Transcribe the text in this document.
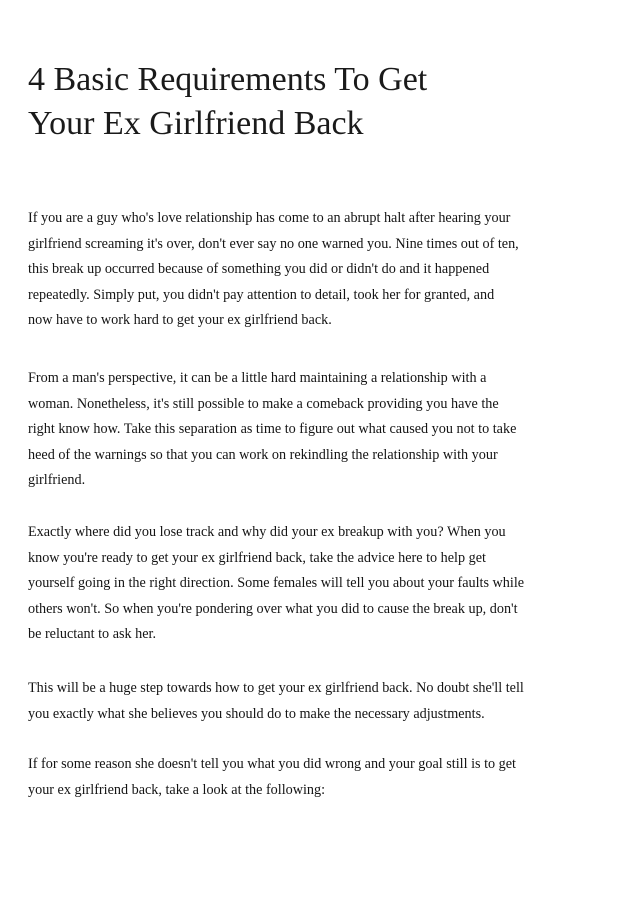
4 Basic Requirements To Get
Your Ex Girlfriend Back
If you are a guy who's love relationship has come to an abrupt halt after hearing your
girlfriend screaming it's over, don't ever say no one warned you. Nine times out of ten,
this break up occurred because of something you did or didn't do and it happened
repeatedly. Simply put, you didn't pay attention to detail, took her for granted, and
now have to work hard to get your ex girlfriend back.
From a man's perspective, it can be a little hard maintaining a relationship with a
woman. Nonetheless, it's still possible to make a comeback providing you have the
right know how. Take this separation as time to figure out what caused you not to take
heed of the warnings so that you can work on rekindling the relationship with your
girlfriend.
Exactly where did you lose track and why did your ex breakup with you? When you
know you're ready to get your ex girlfriend back, take the advice here to help get
yourself going in the right direction. Some females will tell you about your faults while
others won't. So when you're pondering over what you did to cause the break up, don't
be reluctant to ask her.
This will be a huge step towards how to get your ex girlfriend back. No doubt she'll tell
you exactly what she believes you should do to make the necessary adjustments.
If for some reason she doesn't tell you what you did wrong and your goal still is to get
your ex girlfriend back, take a look at the following:
